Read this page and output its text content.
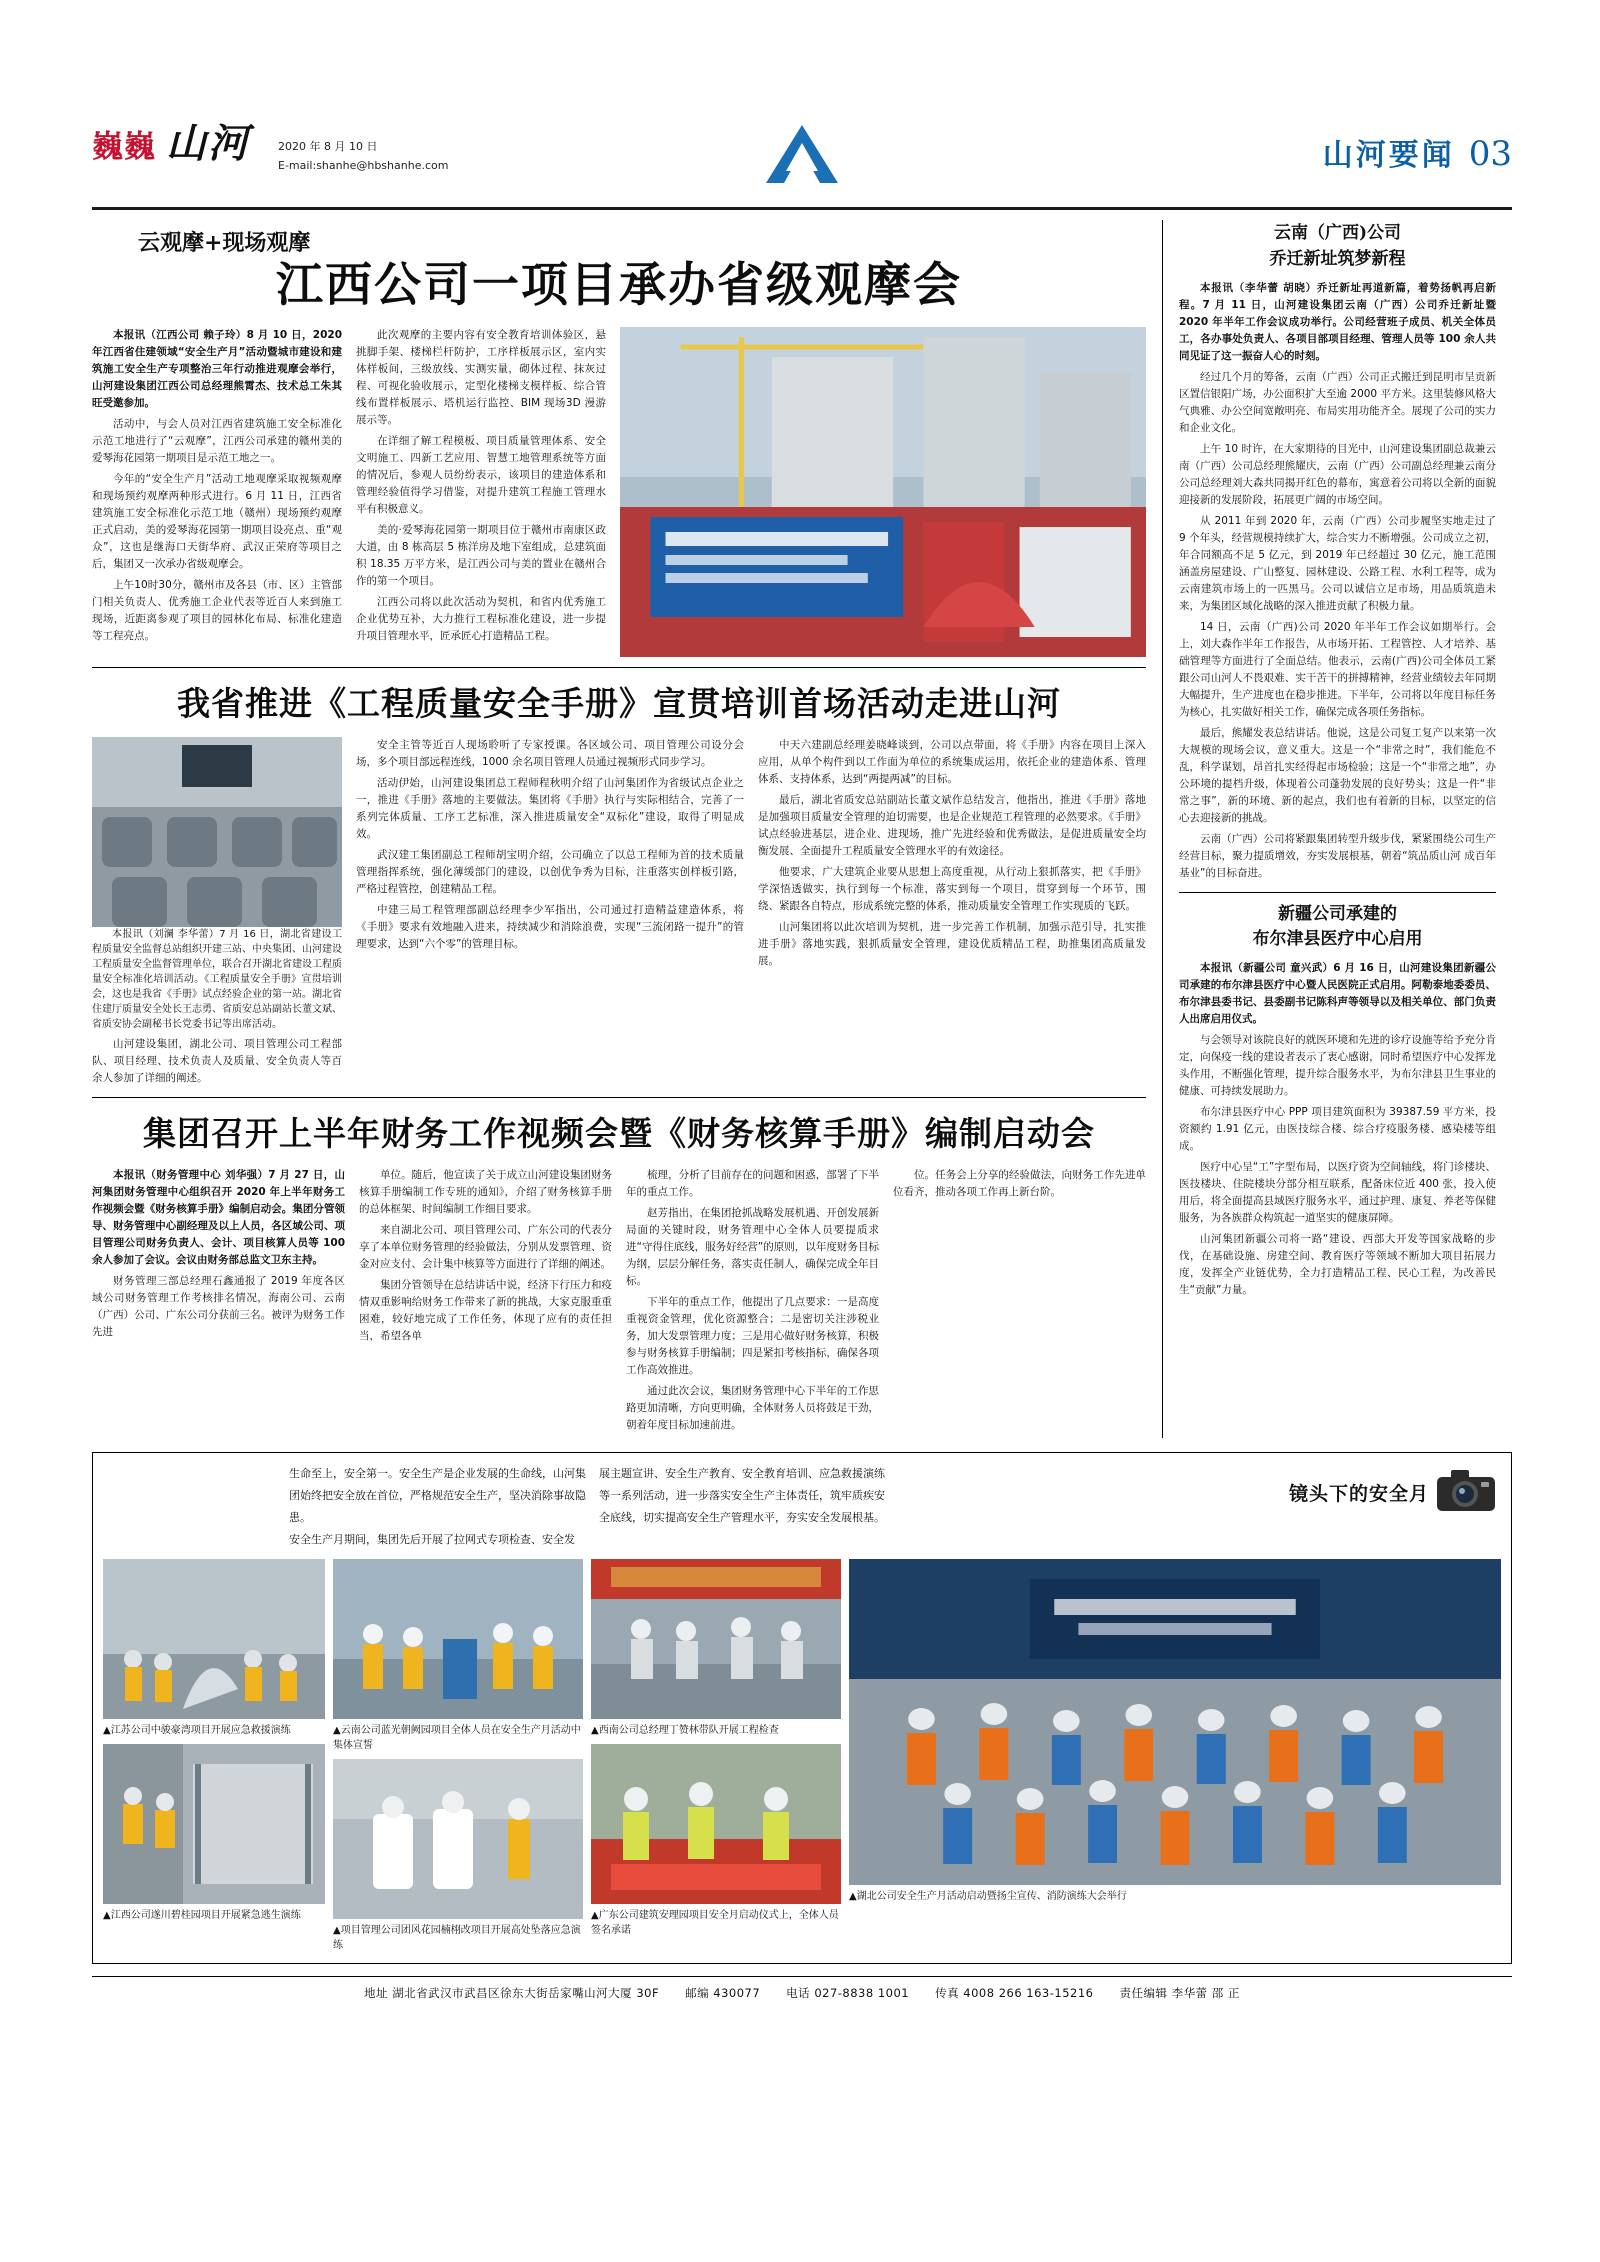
巍巍 山河	2020 年 8 月 10 日
E-mail:shanhe@hbshanhe.com	山河要闻 03
云观摩+现场观摩
江西公司一项目承办省级观摩会

本报讯（江西公司 赖子玲）8 月 10 日，2020 年江西省住建领域“安全生产月”活动暨城市建设和建筑施工安全生产专项整治三年行动推进观摩会举行，山河建设集团江西公司总经理熊霄杰、技术总工朱其旺受邀参加。

活动中，与会人员对江西省建筑施工安全标准化示范工地进行了“云观摩”，江西公司承建的赣州美的爱琴海花园第一期项目是示范工地之一。

今年的“安全生产月”活动工地观摩采取视频观摩和现场预约观摩两种形式进行。6 月 11 日，江西省建筑施工安全标准化示范工地（赣州）现场预约观摩正式启动，美的爱琴海花园第一期项目设亮点、重“观众”，这也是继海口天街华府、武汉正荣府等项目之后，集团又一次承办省级观摩会。

上午10时30分，赣州市及各县（市、区）主管部门相关负责人、优秀施工企业代表等近百人来到施工现场，近距离参观了项目的园林化布局、标准化建造等工程亮点。

此次观摩的主要内容有安全教育培训体验区，悬挑脚手架、楼梯栏杆防护，工序样板展示区，室内实体样板间，三级放线、实测实量，砌体过程、抹灰过程、可视化验收展示，定型化楼梯支模样板、综合管线布置样板展示、塔机运行监控、BIM 现场3D 漫游展示等。

在详细了解工程模板、项目质量管理体系、安全文明施工、四新工艺应用、智慧工地管理系统等方面的情况后，参观人员纷纷表示，该项目的建造体系和管理经验值得学习借鉴，对提升建筑工程施工管理水平有积极意义。

美的·爱琴海花园第一期项目位于赣州市南康区政大道，由 8 栋高层 5 栋洋房及地下室组成，总建筑面积 18.35 万平方米，是江西公司与美的置业在赣州合作的第一个项目。

江西公司将以此次活动为契机，和省内优秀施工企业优势互补，大力推行工程标准化建设，进一步提升项目管理水平，匠承匠心打造精品工程。

我省推进《工程质量安全手册》宣贯培训首场活动走进山河

本报讯（刘澜 李华蕾）7 月 16 日，湖北省建设工程质量安全监督总站组织开建三站、中央集团、山河建设工程质量安全监督管理单位，联合召开湖北省建设工程质量安全标准化培训活动。《工程质量安全手册》宣贯培训会，这也是我省《手册》试点经验企业的第一站。湖北省住建厅质量安全处长王志勇、省质安总站副站长董文斌、省质安协会副秘书长党委书记等出席活动。

山河建设集团，湖北公司、项目管理公司工程部队、项目经理、技术负责人及质量、安全负责人等百余人参加了详细的阐述。

安全主管等近百人现场聆听了专家授课。各区域公司、项目管理公司设分会场，多个项目部远程连线，1000 余名项目管理人员通过视频形式同步学习。

活动伊始，山河建设集团总工程师程秋明介绍了山河集团作为省级试点企业之一，推进《手册》落地的主要做法。集团将《手册》执行与实际相结合，完善了一系列完体质量、工序工艺标准，深入推进质量安全“双标化”建设，取得了明显成效。

武汉建工集团副总工程师胡宝明介绍，公司确立了以总工程师为首的技术质量管理指挥系统，强化薄缓部门的建设，以创优争秀为目标，注重落实创样板引路，严格过程管控，创建精品工程。

中建三局工程管理部副总经理李少军指出，公司通过打造精益建造体系，将《手册》要求有效地融入进来，持续减少和消除浪费，实现“三流闭路一提升”的管理要求，达到“六个零”的管理目标。

中天六建副总经理姜晓峰谈到，公司以点带面，将《手册》内容在项目上深入应用，从单个构件到以工作面为单位的系统集成运用，依托企业的建造体系、管理体系、支持体系，达到“两提两减”的目标。

最后，湖北省质安总站副站长董文斌作总结发言，他指出，推进《手册》落地是加强项目质量安全管理的迫切需要，也是企业规范工程管理的必然要求。《手册》试点经验进基层，进企业、进现场，推广先进经验和优秀做法，是促进质量安全均衡发展、全面提升工程质量安全管理水平的有效途径。

他要求，广大建筑企业要从思想上高度重视，从行动上狠抓落实，把《手册》学深悟透做实，执行到每一个标准，落实到每一个项目，贯穿到每一个环节，围绕、紧跟各自特点，形成系统完整的体系，推动质量安全管理工作实现质的飞跃。

山河集团将以此次培训为契机，进一步完善工作机制，加强示范引导，扎实推进手册》落地实践，狠抓质量安全管理，建设优质精品工程，助推集团高质量发展。

集团召开上半年财务工作视频会暨《财务核算手册》编制启动会

本报讯（财务管理中心 刘华强）7 月 27 日，山河集团财务管理中心组织召开 2020 年上半年财务工作视频会暨《财务核算手册》编制启动会。集团分管领导、财务管理中心副经理及以上人员，各区域公司、项目管理公司财务负责人、会计、项目核算人员等 100 余人参加了会议。会议由财务部总监文卫东主持。

财务管理三部总经理石鑫通报了 2019 年度各区域公司财务管理工作考核排名情况，海南公司、云南（广西）公司、广东公司分获前三名。被评为财务工作先进

单位。随后，他宣读了关于成立山河建设集团财务核算手册编制工作专班的通知》，介绍了财务核算手册的总体框架、时间编制工作细目要求。

来自湖北公司、项目管理公司、广东公司的代表分享了本单位财务管理的经验做法，分别从发票管理、资金对应支付、会计集中核算等方面进行了详细的阐述。

集团分管领导在总结讲话中说，经济下行压力和疫情双重影响给财务工作带来了新的挑战，大家克服重重困难，较好地完成了工作任务，体现了应有的责任担当，希望各单

梳理，分析了目前存在的问题和困惑，部署了下半年的重点工作。

赵芳指出，在集团抢抓战略发展机遇、开创发展新局面的关键时段，财务管理中心全体人员要提质求进“守得住底线，服务好经营”的原则，以年度财务目标为纲，层层分解任务，落实责任制人，确保完成全年目标。

下半年的重点工作，他提出了几点要求：一是高度重视资金管理，优化资源整合；二是密切关注涉税业务，加大发票管理力度；三是用心做好财务核算，积极参与财务核算手册编制；四是紧扣考核指标，确保各项工作高效推进。

通过此次会议，集团财务管理中心下半年的工作思路更加清晰，方向更明确，全体财务人员将鼓足干劲，朝着年度目标加速前进。

位。任务会上分享的经验做法，向财务工作先进单位看齐，推动各项工作再上新台阶。

云南（广西)公司
乔迁新址筑梦新程

本报讯（李华蕾 胡晓）乔迁新址再道新篇，着势扬帆再启新程。7 月 11 日，山河建设集团云南（广西）公司乔迁新址暨 2020 年半年工作会议成功举行。公司经营班子成员、机关全体员工，各办事处负责人、各项目部项目经理、管理人员等 100 余人共同见证了这一振奋人心的时刻。

经过几个月的筹备，云南（广西）公司正式搬迁到昆明市呈贡新区置信银阳广场，办公面积扩大至逾 2000 平方米。这里装修风格大气典雅、办公空间宽敞明亮、布局实用功能齐全。展现了公司的实力和企业文化。

上午 10 时许，在大家期待的目光中，山河建设集团副总裁兼云南（广西）公司总经理熊耀庆，云南（广西）公司副总经理兼云南分公司总经理刘大森共同揭开红色的幕布，寓意着公司将以全新的面貌迎接新的发展阶段，拓展更广阔的市场空间。

从 2011 年到 2020 年，云南（广西）公司步履坚实地走过了 9 个年头，经营规模持续扩大，综合实力不断增强。公司成立之初，年合同额高不足 5 亿元，到 2019 年已经超过 30 亿元，施工范围涵盖房屋建设、广山整复、园林建设、公路工程、水利工程等，成为云南建筑市场上的一匹黑马。公司以诚信立足市场，用品质筑造未来，为集团区域化战略的深入推进贡献了积极力量。

14 日，云南（广西)公司 2020 年半年工作会议如期举行。会上，刘大森作半年工作报告，从市场开拓、工程管控、人才培养、基础管理等方面进行了全面总结。他表示，云南(广西)公司全体员工紧跟公司山河人不畏艰难、实干苦干的拼搏精神，经营业绩较去年同期大幅提升，生产进度也在稳步推进。下半年，公司将以年度目标任务为核心，扎实做好相关工作，确保完成各项任务指标。

最后，熊耀发表总结讲话。他说，这是公司复工复产以来第一次大规模的现场会议，意义重大。这是一个“非常之时”，我们能危不乱，科学谋划，昂首扎实经得起市场检验；这是一个“非常之地”，办公环境的提档升级，体现着公司蓬勃发展的良好势头；这是一件“非常之事”，新的环境、新的起点，我们也有着新的目标，以坚定的信心去迎接新的挑战。

云南（广西）公司将紧跟集团转型升级步伐，紧紧围绕公司生产经营目标，聚力提质增效，夯实发展根基，朝着“筑品质山河 成百年基业”的目标奋进。

新疆公司承建的
布尔津县医疗中心启用

本报讯（新疆公司 童兴武）6 月 16 日，山河建设集团新疆公司承建的布尔津县医疗中心暨人民医院正式启用。阿勒泰地委委员、布尔津县委书记、县委副书记陈科声等领导以及相关单位、部门负责人出席启用仪式。

与会领导对该院良好的就医环境和先进的诊疗设施等给予充分肯定，向保疫一线的建设者表示了衷心感谢，同时希望医疗中心发挥龙头作用，不断强化管理，提升综合服务水平，为布尔津县卫生事业的健康、可持续发展助力。

布尔津县医疗中心 PPP 项目建筑面积为 39387.59 平方米，投资额约 1.91 亿元，由医技综合楼、综合疗疫服务楼、感染楼等组成。

医疗中心呈“工”字型布局，以医疗资为空间轴线，将门诊楼块、医技楼块、住院楼块分部分相互联系，配备床位近 400 张，投入使用后，将全面提高县域医疗服务水平，通过护理、康复、养老等保健服务，为各族群众构筑起一道坚实的健康屏障。

山河集团新疆公司将一路“建设、西部大开发等国家战略的步伐，在基础设施、房建空间、教育医疗等领域不断加大项目拓展力度，发挥全产业链优势，全力打造精品工程、民心工程，为改善民生“贡献”力量。

镜头下的安全月

生命至上，安全第一。安全生产是企业发展的生命线，山河集团始终把安全放在首位，严格规范安全生产，坚决消除事故隐患。

安全生产月期间，集团先后开展了拉网式专项检查、安全发

展主题宣讲、安全生产教育、安全教育培训、应急救援演练等一系列活动，进一步落实安全生产主体责任，筑牢质疾安全底线，切实提高安全生产管理水平，夯实安全发展根基。

▲江苏公司中骏豪湾项目开展应急救援演练
▲江西公司遂川碧桂园项目开展紧急逃生演练
▲云南公司蓝光朝阙园项目全体人员在安全生产月活动中集体宣誓
▲项目管理公司团风花园楠栩改项目开展高处坠落应急演练
▲西南公司总经理丁赞林带队开展工程检查
▲广东公司建筑安理园项目安全月启动仪式上，全体人员签名承诺
▲湖北公司安全生产月活动启动暨扬尘宣传、消防演练大会举行
地址 湖北省武汉市武昌区徐东大街岳家嘴山河大厦 30F 邮编 430077 电话 027-8838 1001 传真 4008 266 163-15216 责任编辑 李华蕾 邵 正
